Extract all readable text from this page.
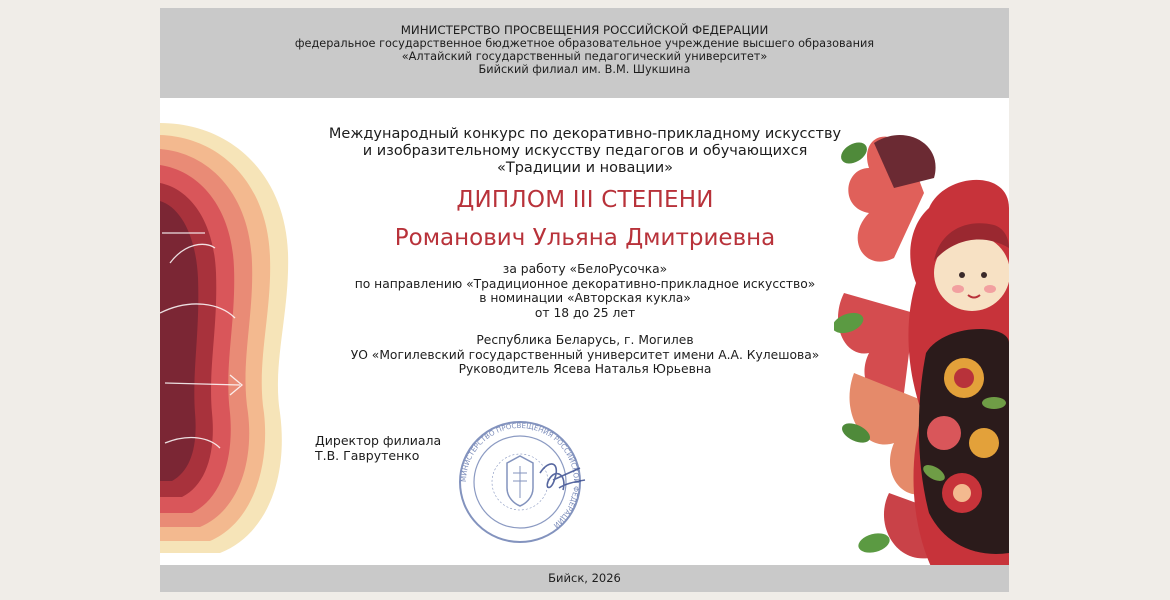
МИНИСТЕРСТВО ПРОСВЕЩЕНИЯ РОССИЙСКОЙ ФЕДЕРАЦИИ
федеральное государственное бюджетное образовательное учреждение высшего образования
«Алтайский государственный педагогический университет»
Бийский филиал им. В.М. Шукшина
Международный конкурс по декоративно-прикладному искусству
и изобразительному искусству педагогов и обучающихся
«Традиции и новации»
ДИПЛОМ III СТЕПЕНИ
Романович Ульяна Дмитриевна
за работу «БелоРусочка»
по направлению «Традиционное декоративно-прикладное искусство»
в номинации «Авторская кукла»
от 18 до 25 лет
Республика Беларусь, г. Могилев
УО «Могилевский государственный университет имени А.А. Кулешова»
Руководитель Ясева Наталья Юрьевна
Директор филиала
Т.В. Гаврутенко
МИНИСТЕРСТВО ПРОСВЕЩЕНИЯ РОССИЙСКОЙ ФЕДЕРАЦИИ
Бийск, 2026
